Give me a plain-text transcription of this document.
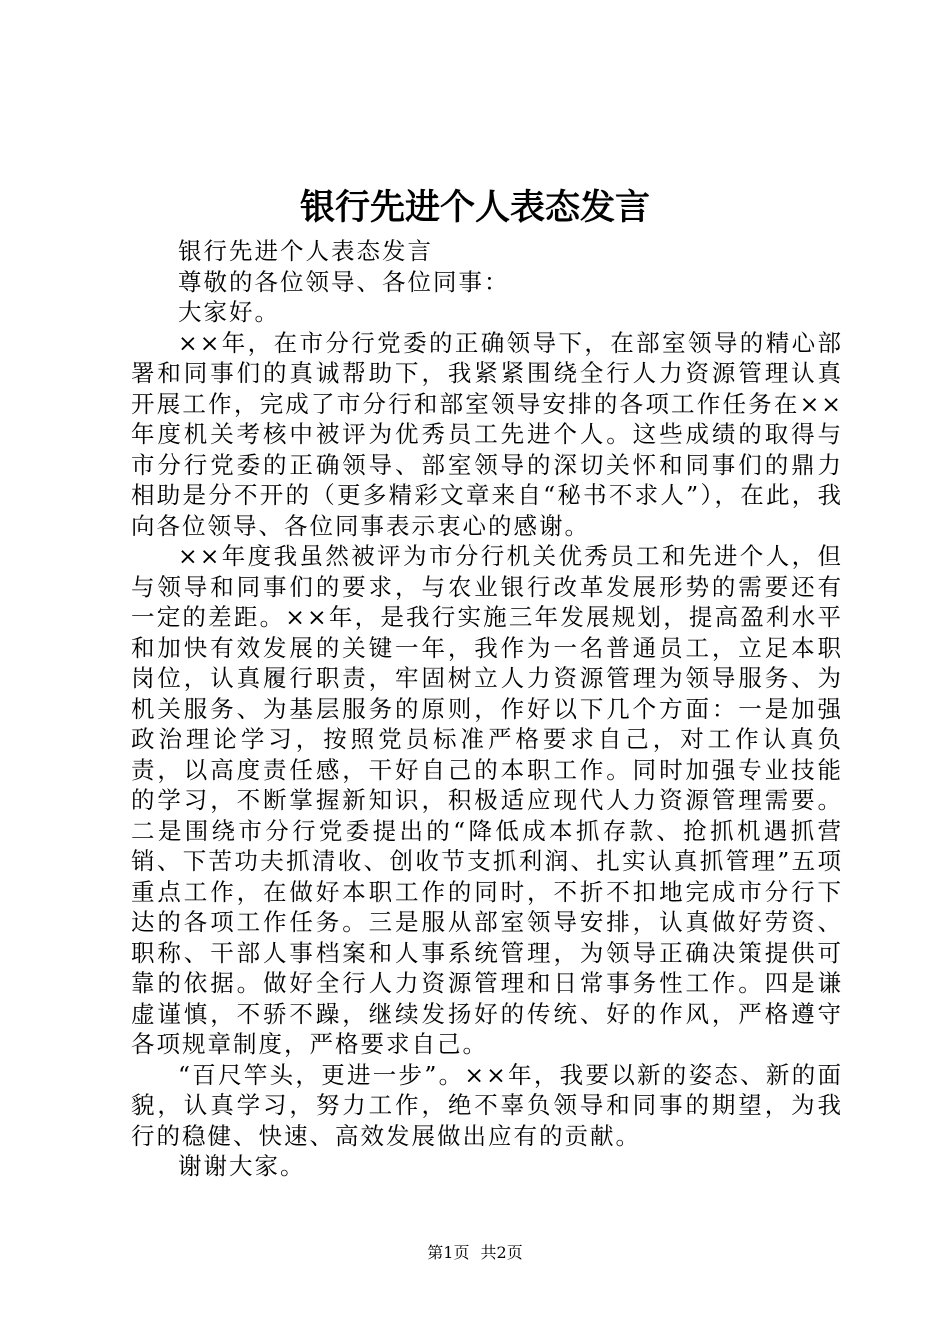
银行先进个人表态发言

银行先进个人表态发言

尊敬的各位领导、各位同事：

大家好。

××年，在市分行党委的正确领导下，在部室领导的精心部署和同事们的真诚帮助下，我紧紧围绕全行人力资源管理认真开展工作，完成了市分行和部室领导安排的各项工作任务在××年度机关考核中被评为优秀员工先进个人。这些成绩的取得与市分行党委的正确领导、部室领导的深切关怀和同事们的鼎力相助是分不开的（更多精彩文章来自“秘书不求人”），在此，我向各位领导、各位同事表示衷心的感谢。

××年度我虽然被评为市分行机关优秀员工和先进个人，但与领导和同事们的要求，与农业银行改革发展形势的需要还有一定的差距。××年，是我行实施三年发展规划，提高盈利水平和加快有效发展的关键一年，我作为一名普通员工，立足本职岗位，认真履行职责，牢固树立人力资源管理为领导服务、为机关服务、为基层服务的原则，作好以下几个方面：一是加强政治理论学习，按照党员标准严格要求自己，对工作认真负责，以高度责任感，干好自己的本职工作。同时加强专业技能的学习，不断掌握新知识，积极适应现代人力资源管理需要。二是围绕市分行党委提出的“降低成本抓存款、抢抓机遇抓营销、下苦功夫抓清收、创收节支抓利润、扎实认真抓管理”五项重点工作，在做好本职工作的同时，不折不扣地完成市分行下达的各项工作任务。三是服从部室领导安排，认真做好劳资、职称、干部人事档案和人事系统管理，为领导正确决策提供可靠的依据。做好全行人力资源管理和日常事务性工作。四是谦虚谨慎，不骄不躁，继续发扬好的传统、好的作风，严格遵守各项规章制度，严格要求自己。

“百尺竿头，更进一步”。××年，我要以新的姿态、新的面貌，认真学习，努力工作，绝不辜负领导和同事的期望，为我行的稳健、快速、高效发展做出应有的贡献。

谢谢大家。

第1页 共2页
